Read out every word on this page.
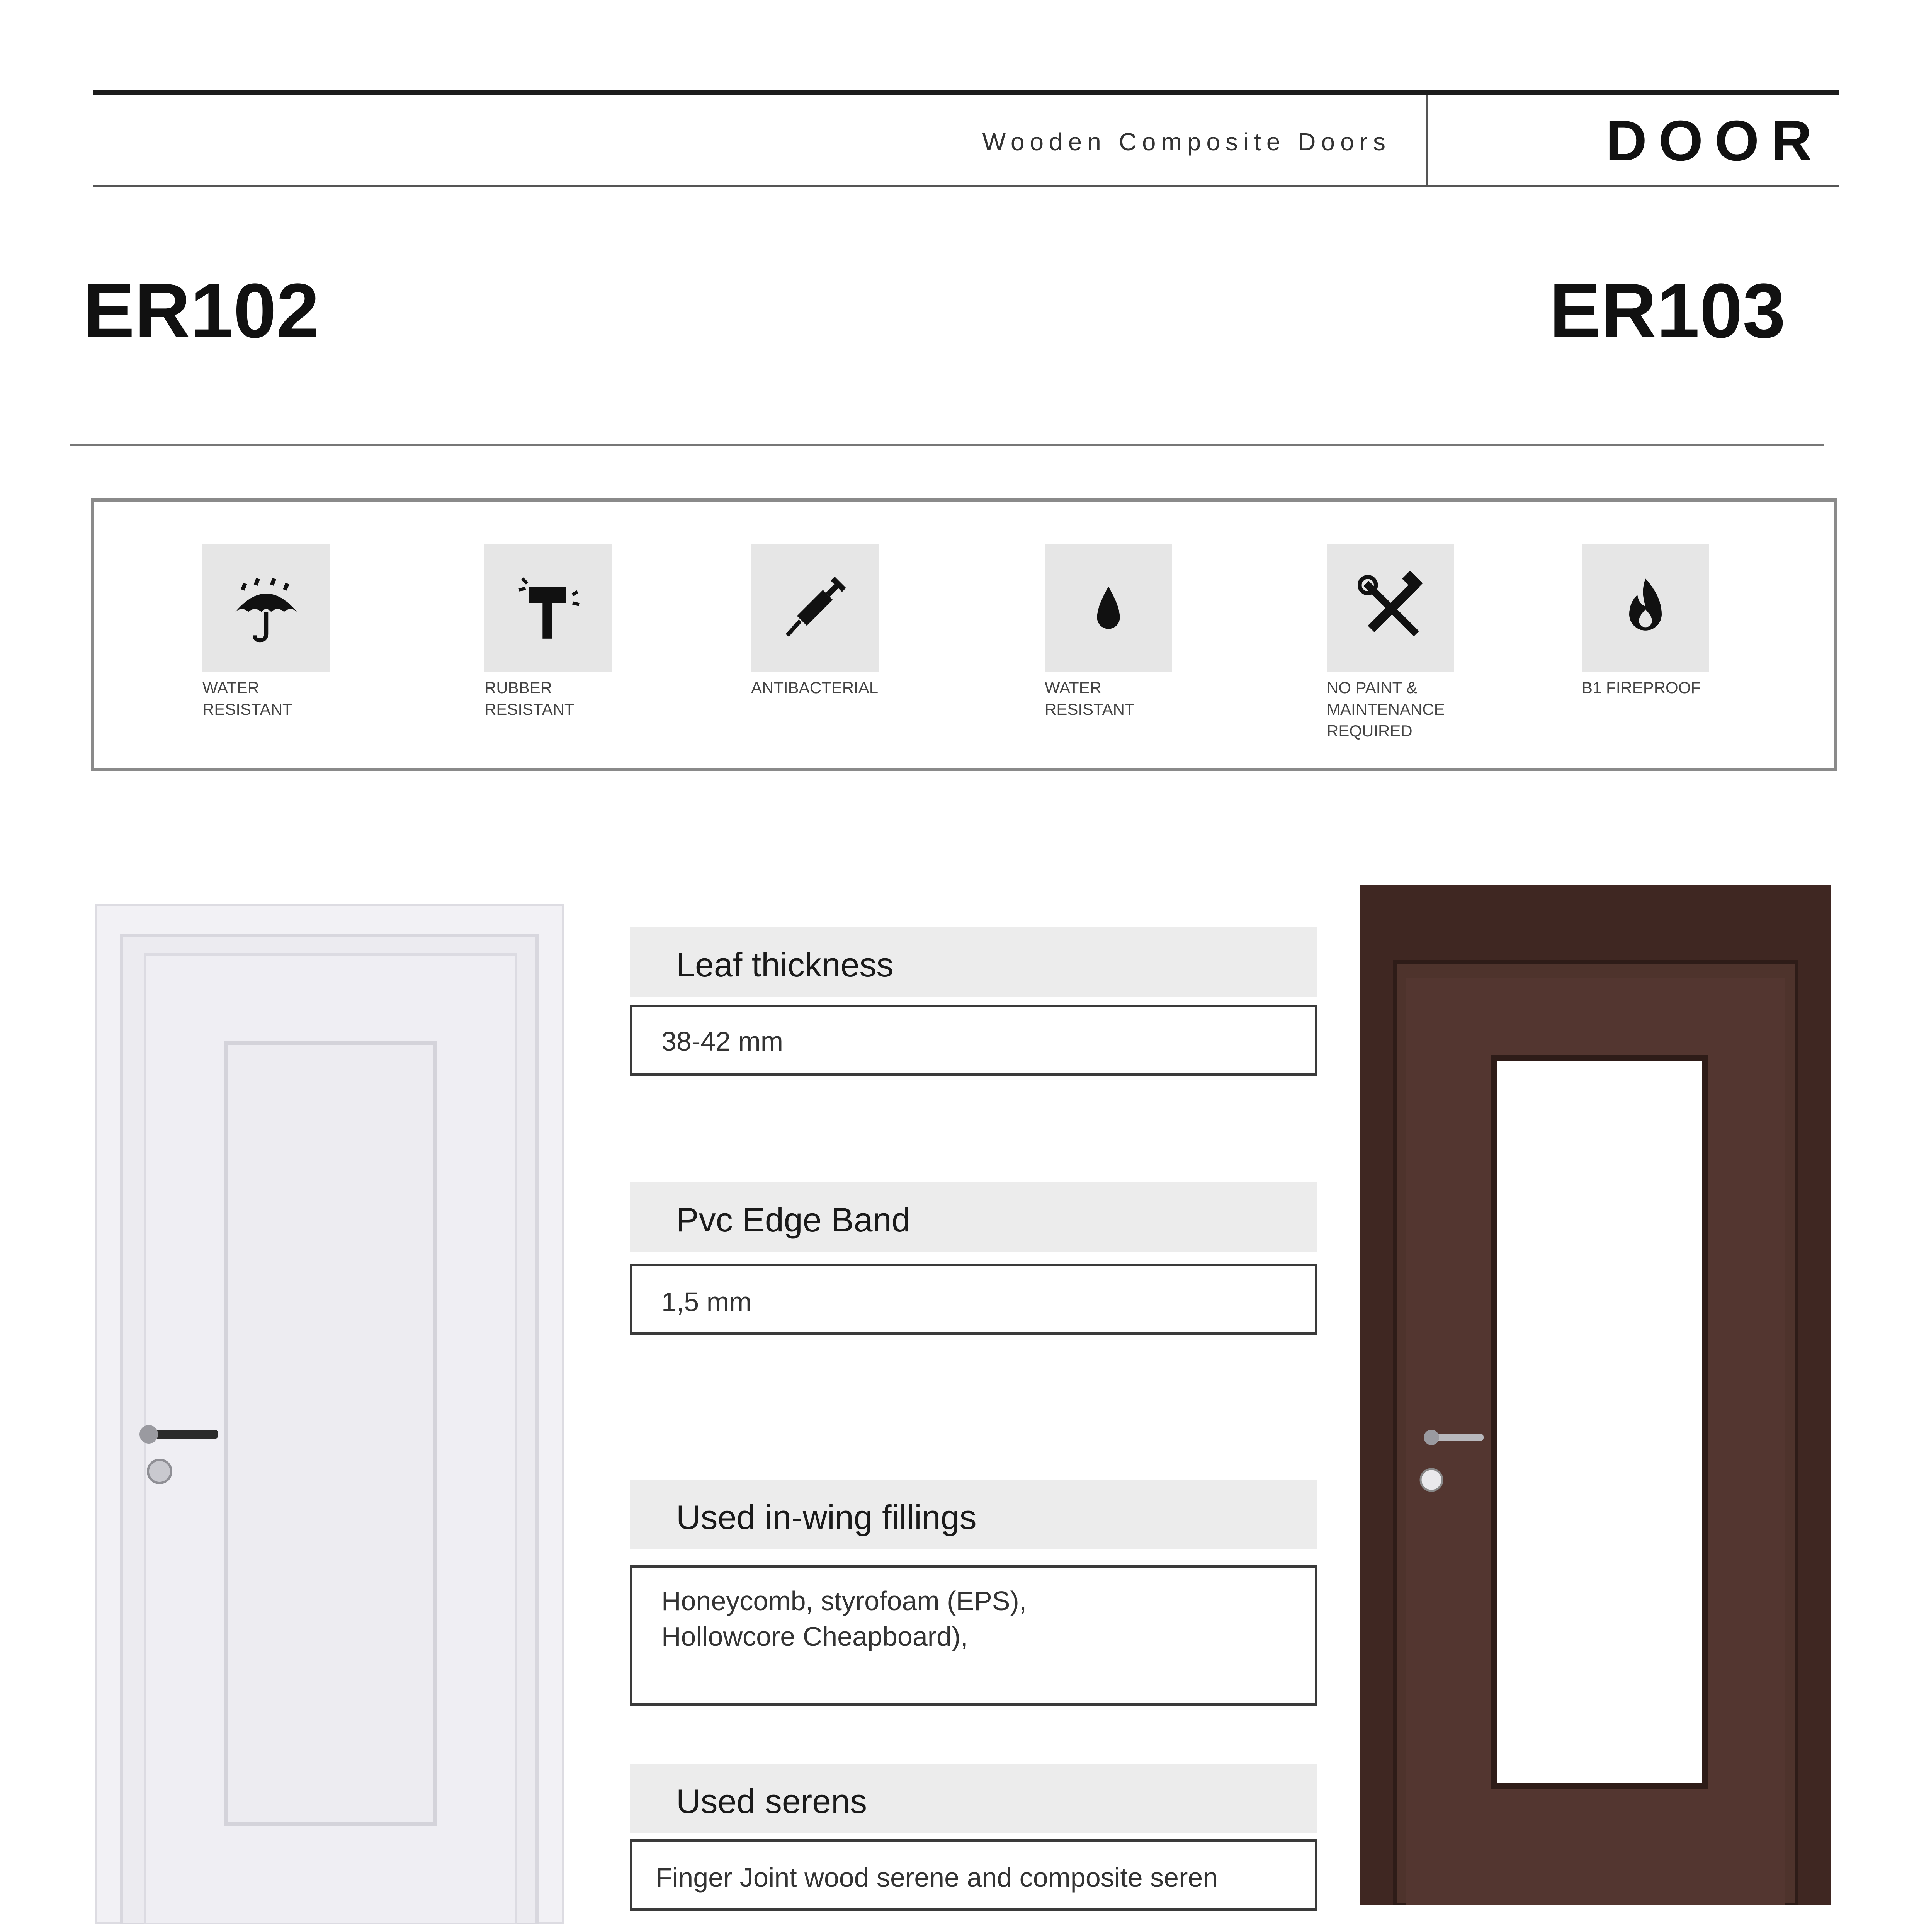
Wooden Composite Doors	DOOR
ER102	ER103
WATER
RESISTANT
RUBBER
RESISTANT
ANTIBACTERIAL	WATER
RESISTANT
NO PAINT &
MAINTENANCE
REQUIRED
B1 FIREPROOF
Leaf thickness
38-42 mm
Pvc Edge Band
1,5 mm
Used in-wing fillings
Honeycomb, styrofoam (EPS),
Hollowcore Cheapboard),
Used serens
Finger Joint wood serene and composite seren
